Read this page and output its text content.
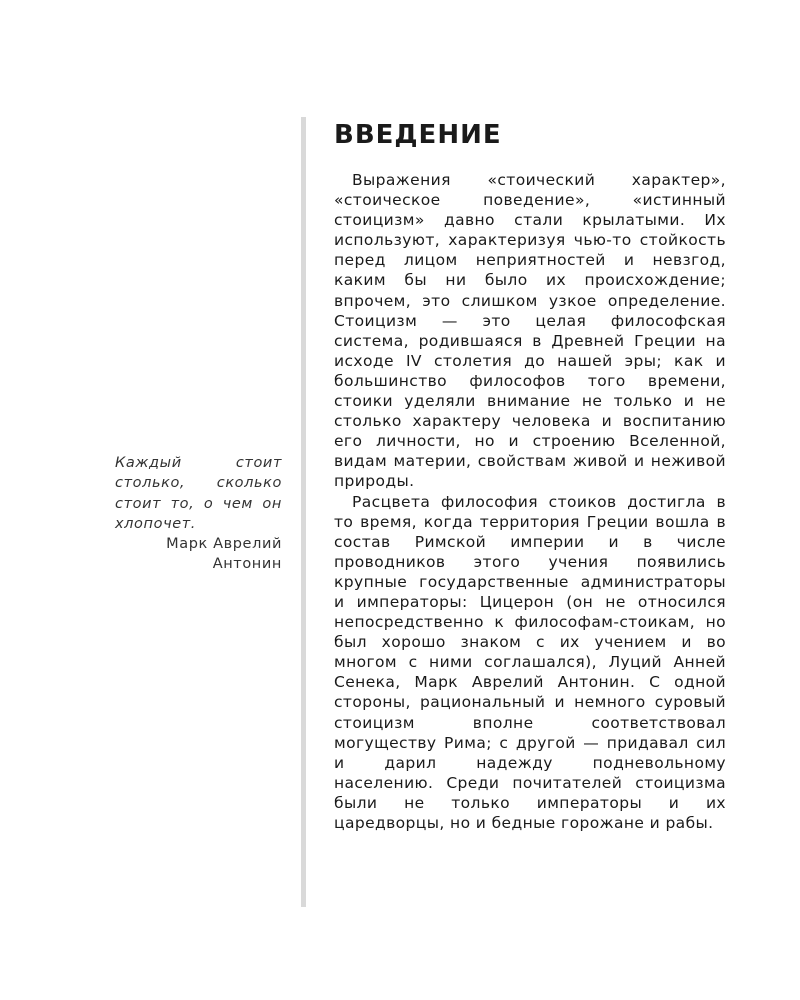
ВВЕДЕНИЕ

Каждый стоит столько, сколько стоит то, о чем он хлопочет.

Марк Аврелий Антонин

Выражения «стоический характер», «стоическое поведение», «истинный стоицизм» давно стали крылатыми. Их используют, характеризуя чью-то стойкость перед лицом неприятностей и невзгод, каким бы ни было их происхождение; впрочем, это слишком узкое определение. Стоицизм — это целая философская система, родившаяся в Древней Греции на исходе IV столетия до нашей эры; как и большинство философов того времени, стоики уделяли внимание не только и не столько характеру человека и воспитанию его личности, но и строению Вселенной, видам материи, свойствам живой и неживой природы.

Расцвета философия стоиков достигла в то время, когда территория Греции вошла в состав Римской империи и в числе проводников этого учения появились крупные государственные администраторы и императоры: Цицерон (он не относился непосредственно к философам-стоикам, но был хорошо знаком с их учением и во многом с ними соглашался), Луций Анней Сенека, Марк Аврелий Антонин. С одной стороны, рациональный и немного суровый стоицизм вполне соответствовал могуществу Рима; с другой — придавал сил и дарил надежду подневольному населению. Среди почитателей стоицизма были не только императоры и их царедворцы, но и бедные горожане и рабы.
